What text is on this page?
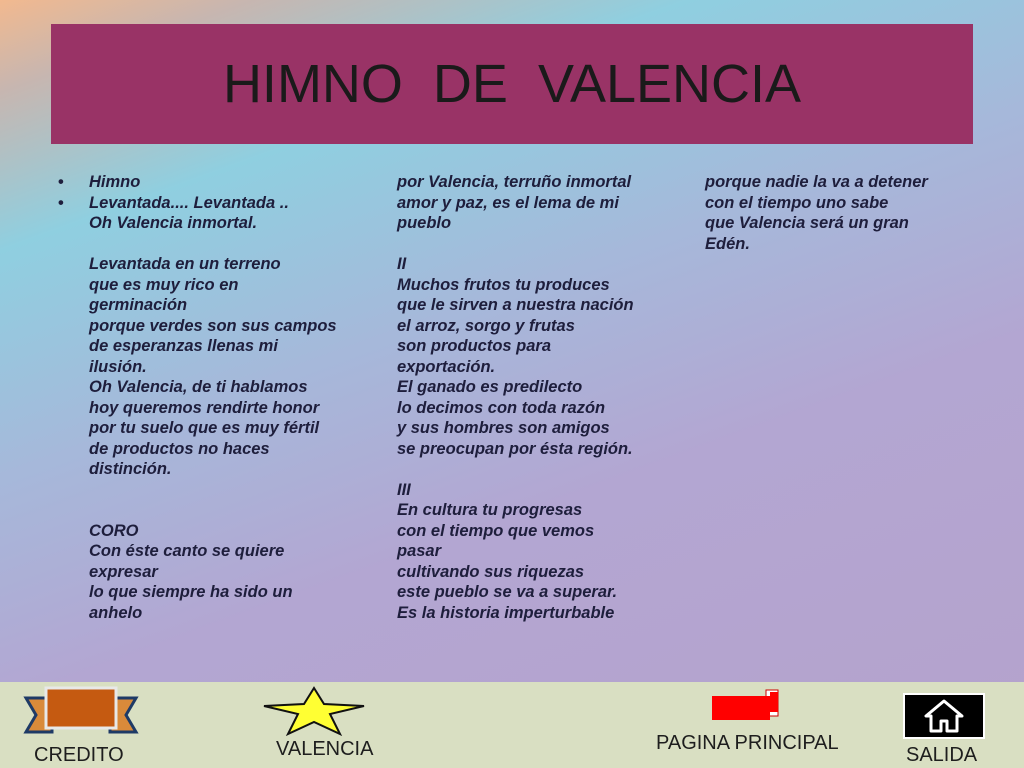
HIMNO  DE  VALENCIA
• Himno
• Levantada.... Levantada ..
Oh Valencia inmortal.
Levantada en un terreno
que es muy rico en
germinación
porque verdes son sus campos
de esperanzas llenas mi
ilusión.
Oh Valencia, de ti hablamos
hoy queremos rendirte honor
por tu suelo que es muy fértil
de productos no haces
distinción.
CORO
Con éste canto se quiere
expresar
lo que siempre ha sido un
anhelo
por Valencia, terruño inmortal
amor y paz, es el lema de mi
pueblo
II
Muchos frutos tu produces
que le sirven a nuestra nación
el arroz, sorgo y frutas
son productos para
exportación.
El ganado es predilecto
lo decimos con toda razón
y sus hombres son amigos
se preocupan por ésta región.
III
En cultura tu progresas
con el tiempo que vemos
pasar
cultivando sus riquezas
este pueblo se va a superar.
Es la historia imperturbable
porque nadie la va a detener
con el tiempo uno sabe
que Valencia será un gran
Edén.
CREDITO	VALENCIA	PAGINA PRINCIPAL
SALIDA
